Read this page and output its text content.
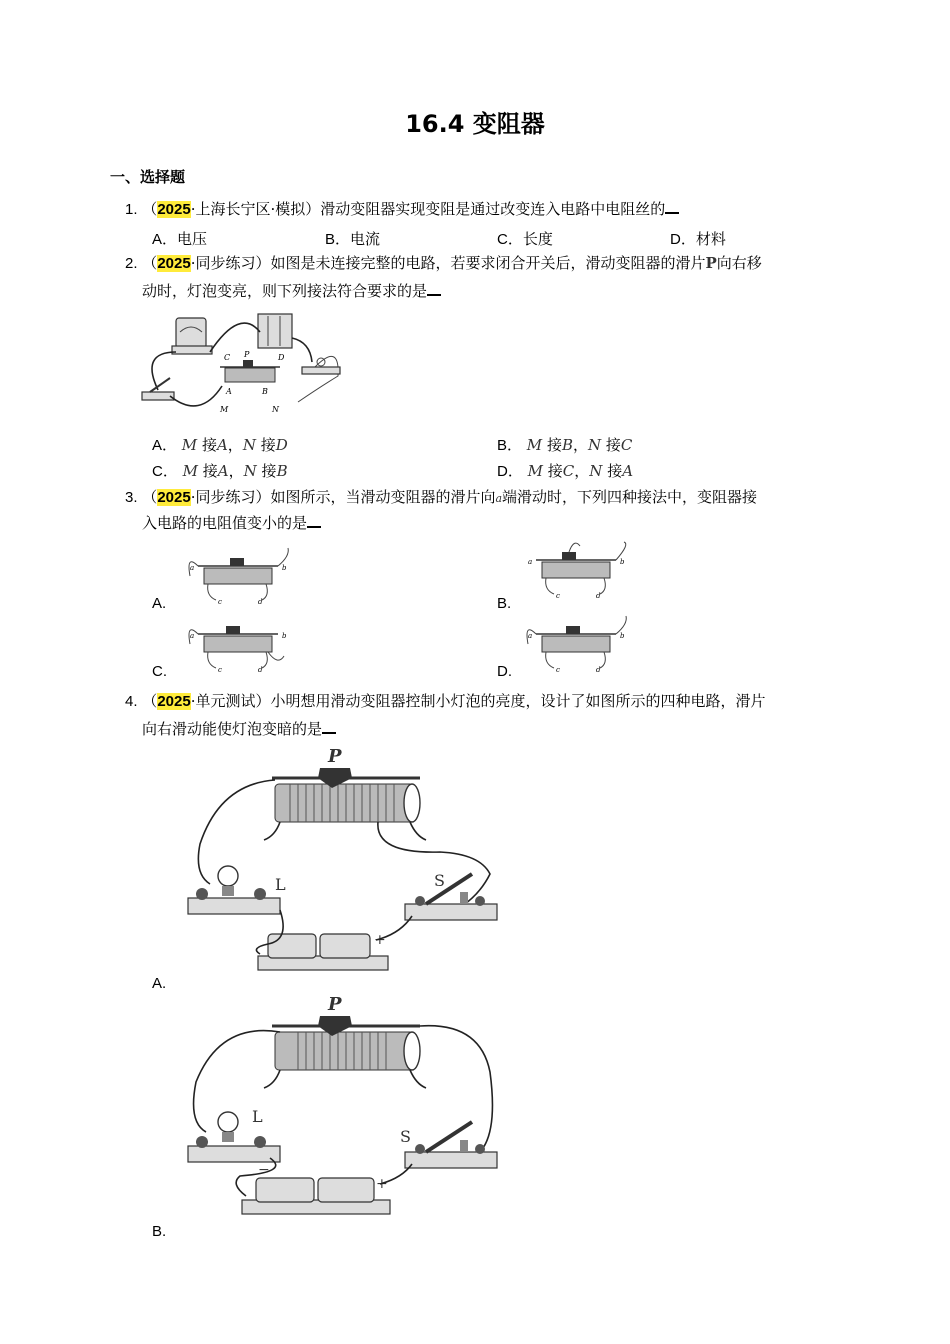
16.4 变阻器
一、选择题
1. （2025·上海长宁区·模拟）滑动变阻器实现变阻是通过改变连入电路中电阻丝的
A．电压	B．电流	C．长度	D．材料
2. （2025·同步练习）如图是未连接完整的电路，若要求闭合开关后，滑动变阻器的滑片P向右移
动时，灯泡变亮，则下列接法符合要求的是
C P	D
A	B
M	N
A． M 接A，N 接D	B． M 接B，N 接C
C． M 接A，N 接B	D． M 接C，N 接A
3. （2025·同步练习）如图所示，当滑动变阻器的滑片向a端滑动时，下列四种接法中，变阻器接
入电路的电阻值变小的是
A.	B.
C.	D.
a	b
c	d
a	b
c	d
a	b
c	d
a	b
c	d
4. （2025·单元测试）小明想用滑动变阻器控制小灯泡的亮度，设计了如图所示的四种电路，滑片
向右滑动能使灯泡变暗的是
P
L	S
+
A.
P
L
S
−
+
B.
